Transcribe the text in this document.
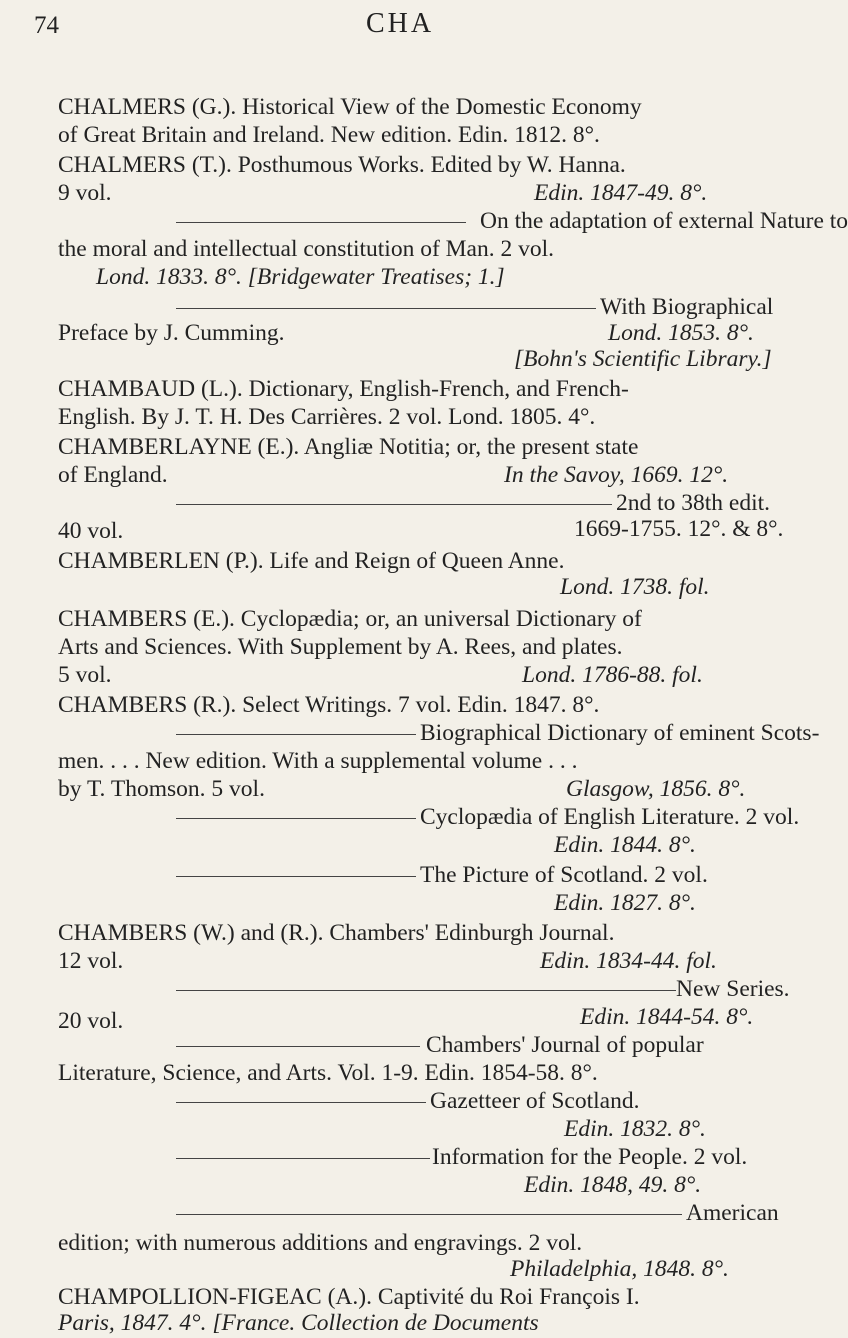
74	CHA
CHALMERS (G.). Historical View of the Domestic Economy
of Great Britain and Ireland. New edition. Edin. 1812. 8°.
CHALMERS (T.). Posthumous Works. Edited by W. Hanna.
9 vol.	Edin. 1847-49. 8°.
On the adaptation of external Nature to
the moral and intellectual constitution of Man. 2 vol.
Lond. 1833. 8°. [Bridgewater Treatises; 1.]
With Biographical
Preface by J. Cumming.	Lond. 1853. 8°.
[Bohn's Scientific Library.]
CHAMBAUD (L.). Dictionary, English-French, and French-
English. By J. T. H. Des Carrières. 2 vol. Lond. 1805. 4°.
CHAMBERLAYNE (E.). Angliæ Notitia; or, the present state
of England.	In the Savoy, 1669. 12°.
2nd to 38th edit.
40 vol.	1669-1755. 12°. & 8°.
CHAMBERLEN (P.). Life and Reign of Queen Anne.
Lond. 1738. fol.
CHAMBERS (E.). Cyclopædia; or, an universal Dictionary of
Arts and Sciences. With Supplement by A. Rees, and plates.
5 vol.	Lond. 1786-88. fol.
CHAMBERS (R.). Select Writings. 7 vol. Edin. 1847. 8°.
Biographical Dictionary of eminent Scots-
men. . . . New edition. With a supplemental volume . . .
by T. Thomson. 5 vol.	Glasgow, 1856. 8°.
Cyclopædia of English Literature. 2 vol.
Edin. 1844. 8°.
The Picture of Scotland. 2 vol.
Edin. 1827. 8°.
CHAMBERS (W.) and (R.). Chambers' Edinburgh Journal.
12 vol.	Edin. 1834-44. fol.
New Series.
20 vol.	Edin. 1844-54. 8°.
Chambers' Journal of popular
Literature, Science, and Arts. Vol. 1-9. Edin. 1854-58. 8°.
Gazetteer of Scotland.
Edin. 1832. 8°.
Information for the People. 2 vol.
Edin. 1848, 49. 8°.
American
edition; with numerous additions and engravings. 2 vol.
Philadelphia, 1848. 8°.
CHAMPOLLION-FIGEAC (A.). Captivité du Roi François I.
Paris, 1847. 4°. [France. Collection de Documents
